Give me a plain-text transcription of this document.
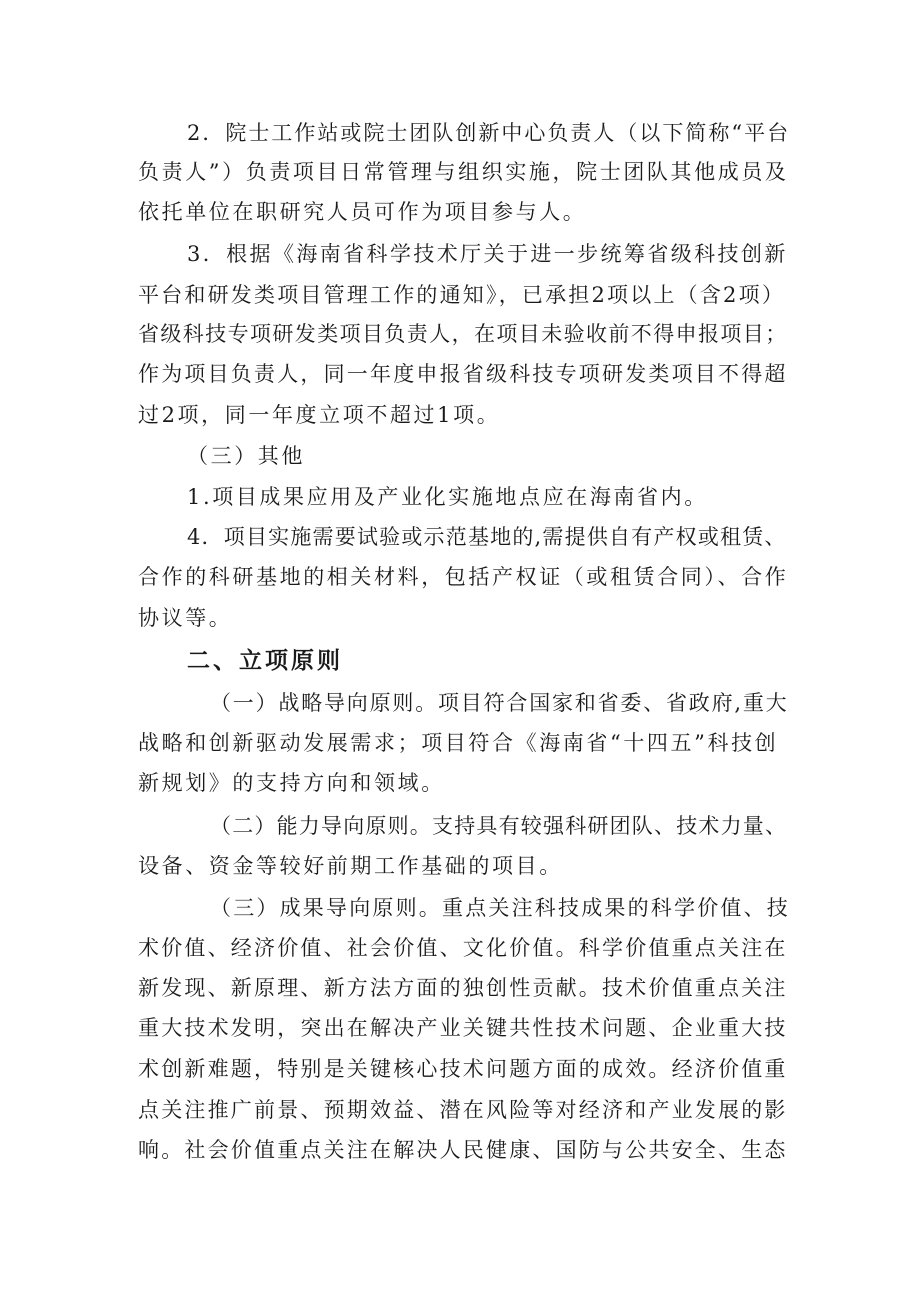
2．院士工作站或院士团队创新中心负责人（以下简称“平台
负责人”）负责项目日常管理与组织实施，院士团队其他成员及
依托单位在职研究人员可作为项目参与人。
3．根据《海南省科学技术厅关于进一步统筹省级科技创新
平台和研发类项目管理工作的通知》，已承担2项以上（含2项）
省级科技专项研发类项目负责人，在项目未验收前不得申报项目；
作为项目负责人，同一年度申报省级科技专项研发类项目不得超
过2项，同一年度立项不超过1项。
（三）其他
1.项目成果应用及产业化实施地点应在海南省内。
4．项目实施需要试验或示范基地的,需提供自有产权或租赁、
合作的科研基地的相关材料，包括产权证（或租赁合同）、合作
协议等。
二、立项原则
（一）战略导向原则。项目符合国家和省委、省政府,重大
战略和创新驱动发展需求；项目符合《海南省“十四五”科技创
新规划》的支持方向和领域。
（二）能力导向原则。支持具有较强科研团队、技术力量、
设备、资金等较好前期工作基础的项目。
（三）成果导向原则。重点关注科技成果的科学价值、技
术价值、经济价值、社会价值、文化价值。科学价值重点关注在
新发现、新原理、新方法方面的独创性贡献。技术价值重点关注
重大技术发明，突出在解决产业关键共性技术问题、企业重大技
术创新难题，特别是关键核心技术问题方面的成效。经济价值重
点关注推广前景、预期效益、潜在风险等对经济和产业发展的影
响。社会价值重点关注在解决人民健康、国防与公共安全、生态
